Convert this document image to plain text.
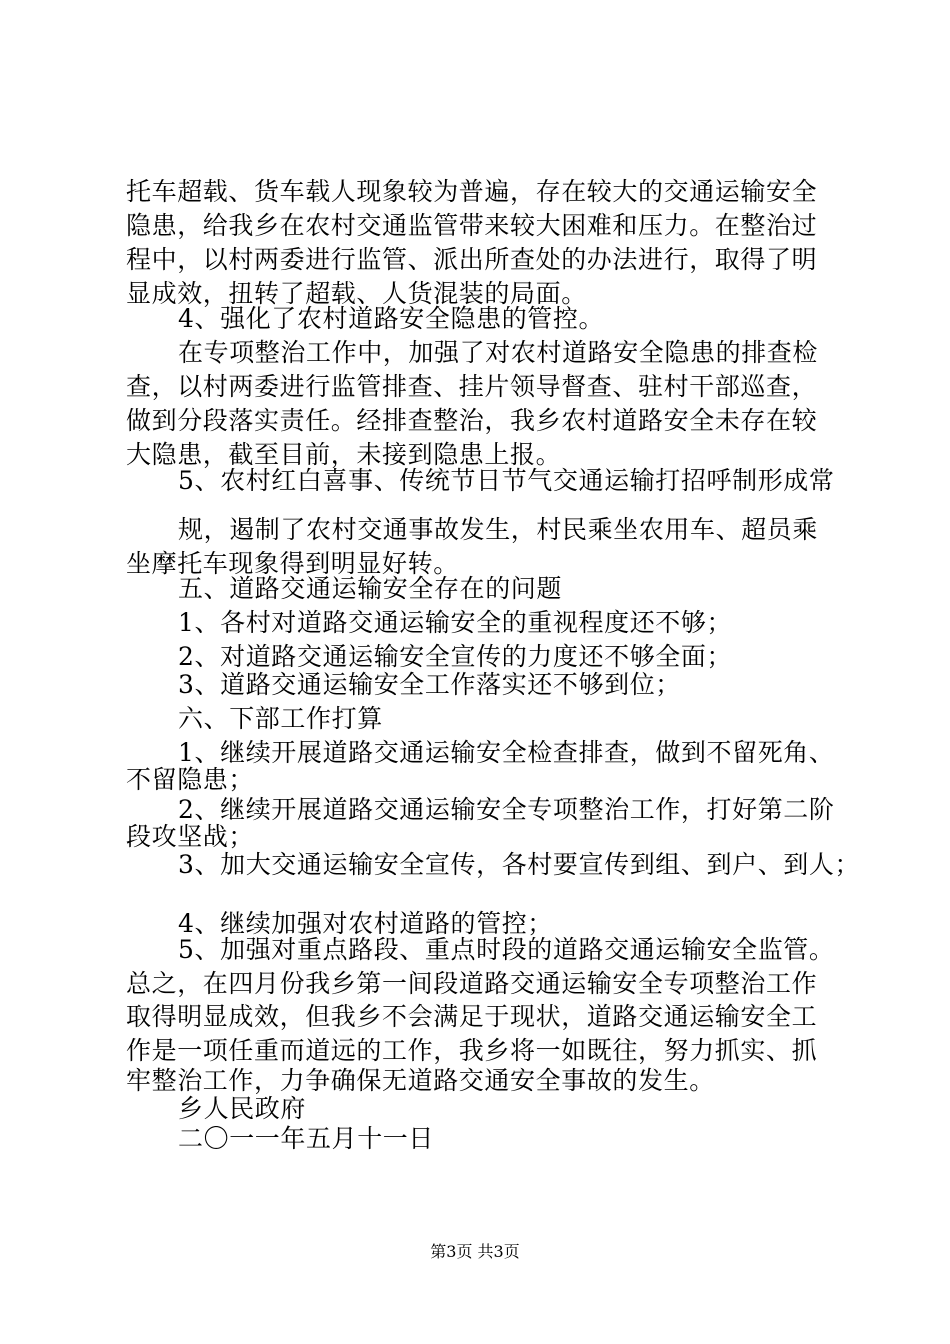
托车超载、货车载人现象较为普遍，存在较大的交通运输安全
隐患，给我乡在农村交通监管带来较大困难和压力。在整治过
程中，以村两委进行监管、派出所查处的办法进行，取得了明
显成效，扭转了超载、人货混装的局面。
4、强化了农村道路安全隐患的管控。
在专项整治工作中，加强了对农村道路安全隐患的排查检
查，以村两委进行监管排查、挂片领导督查、驻村干部巡查，
做到分段落实责任。经排查整治，我乡农村道路安全未存在较
大隐患，截至目前，未接到隐患上报。
5、农村红白喜事、传统节日节气交通运输打招呼制形成常
规，遏制了农村交通事故发生，村民乘坐农用车、超员乘
坐摩托车现象得到明显好转。
五、道路交通运输安全存在的问题
1、各村对道路交通运输安全的重视程度还不够；
2、对道路交通运输安全宣传的力度还不够全面；
3、道路交通运输安全工作落实还不够到位；
六、下部工作打算
1、继续开展道路交通运输安全检查排查，做到不留死角、
不留隐患；
2、继续开展道路交通运输安全专项整治工作，打好第二阶
段攻坚战；
3、加大交通运输安全宣传，各村要宣传到组、到户、到人；
4、继续加强对农村道路的管控；
5、加强对重点路段、重点时段的道路交通运输安全监管。
总之，在四月份我乡第一间段道路交通运输安全专项整治工作
取得明显成效，但我乡不会满足于现状，道路交通运输安全工
作是一项任重而道远的工作，我乡将一如既往，努力抓实、抓
牢整治工作，力争确保无道路交通安全事故的发生。
乡人民政府
二〇一一年五月十一日
第3页 共3页
